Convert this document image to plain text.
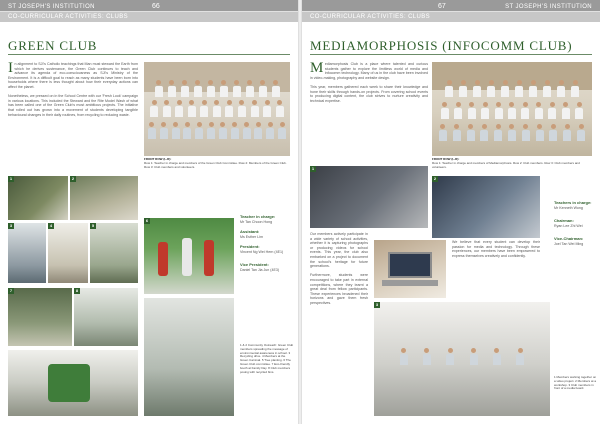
ST JOSEPH'S INSTITUTION	66
CO-CURRICULAR ACTIVITIES: CLUBS
GREEN CLUB
I n alignment to SJI's Catholic teachings that Man must steward the Earth from which he derives sustenance, the Green Club continues to teach and advance its agenda of eco-consciousness as SJI's Ministry of the Environment. It is a difficult goal to reach as many students have been born into households where there is less thought about how their everyday actions can affect the planet.

Nonetheless, we pressed on in the School Centre with our 'Fresh Look' campaign in various locations. This included the Steward and the Rite Model Wash of what has been called one of the Green Club's most ambitious projects. The initiative that rolled out has grown into a movement of students developing tangible behavioural changes in their daily routines, from recycling to reducing waste.
FRONT ROW (L-R):
Row 1: Teacher in charge and members of the Green Club Committee. Row 2: Members of the Green Club. Row 3: Club members and volunteers.
1	2
3	4	5
6
Teacher in charge:
Mr Tan Choon Hong
Assistant:
Ms Esther Lim
President:
Vincent Ng Wei Hern (4E1)
Vice President:
Daniel Tan Jia Jun (4E3)
7	8
1 & 2 Community Outreach: Green Club members spreading the message of environmental awareness in school. 3 Recycling drive. 4 Members at the Green Carnival. 5 Tree planting. 6 The Green Club committee. 7 Eco-friendly booth at Family Day. 8 Club members posing with recycled bins.
67	ST JOSEPH'S INSTITUTION
CO-CURRICULAR ACTIVITIES: CLUBS
MEDIAMORPHOSIS (INFOCOMM CLUB)
M ediamorphosis Club is a place where talented and curious students gather to explore the limitless world of media and infocomm technology. Many of us in the club have been involved in video-making, photography and website design.

This year, members gathered each week to share their knowledge and hone their skills through hands-on projects. From covering school events to producing digital content, the club strives to nurture creativity and technical expertise.
FRONT ROW (L-R):
Row 1: Teacher in charge and members of Mediamorphosis. Row 2: Club members. Row 3: Club members and volunteers.
1
2
Our members actively participate in a wide variety of school activities, whether it is capturing photographs or producing videos for school events. This year, the club also embarked on a project to document the school's heritage for future generations.

Furthermore, students were encouraged to take part in external competitions, where they learnt a great deal from fellow participants. These experiences broadened their horizons and gave them fresh perspectives.
We believe that every student can develop their passion for media and technology. Through these experiences, our members have been empowered to express themselves creatively and confidently.
3
Teachers in charge:
Mr Kenneth Wong
Chairman:
Ryan Lee Zhi Wei
Vice-Chairman:
Joel Tan Wei Ming
1 Members working together on a video project. 2 Members at a workshop. 3 Club members in front of a media board.
